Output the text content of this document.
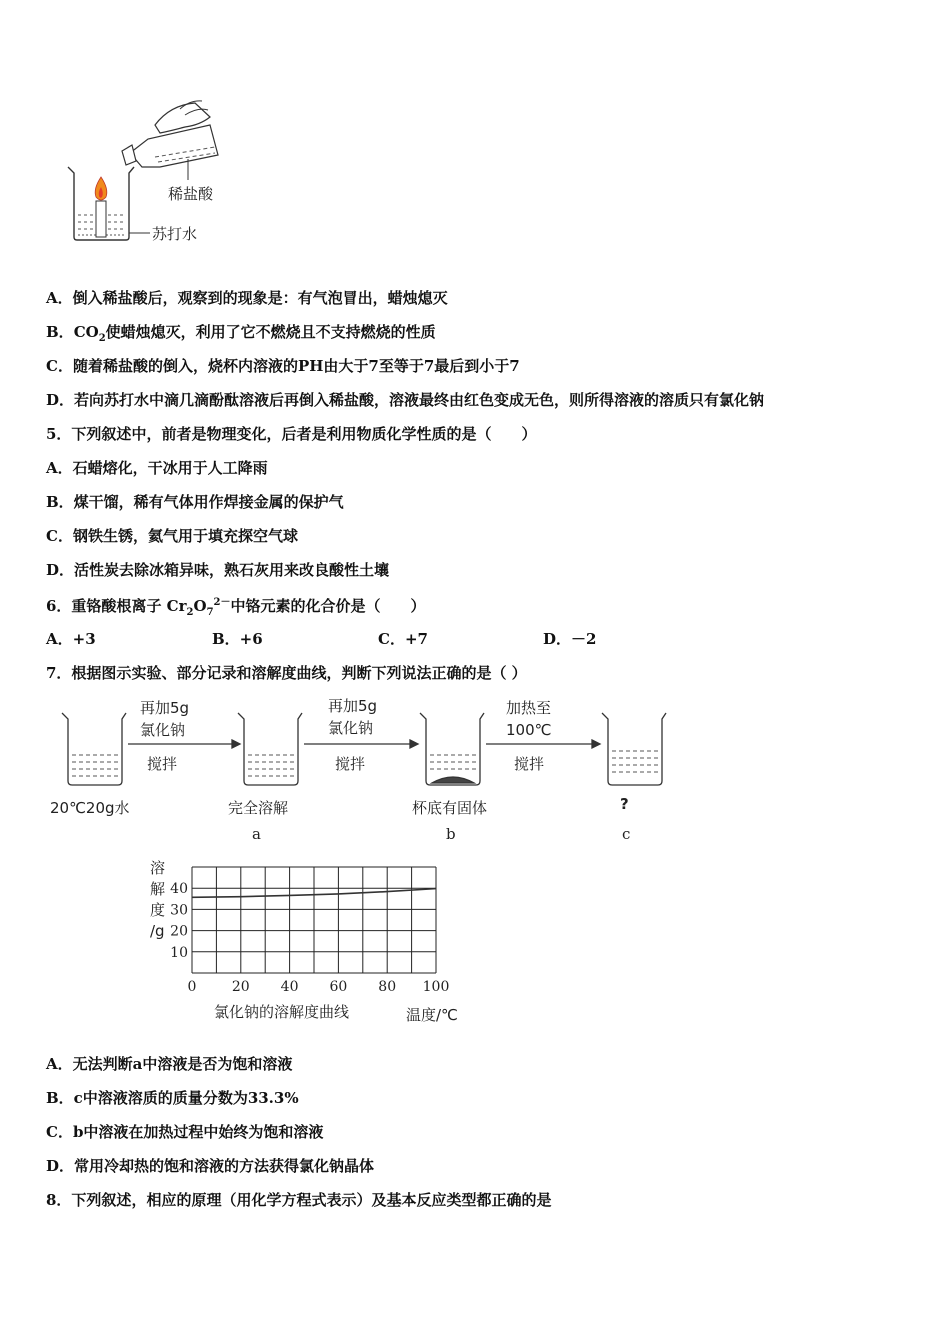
稀盐酸
苏打水
A．倒入稀盐酸后，观察到的现象是：有气泡冒出，蜡烛熄灭
B．$CO_2$使蜡烛熄灭，利用了它不燃烧且不支持燃烧的性质
C．随着稀盐酸的倒入，烧杯内溶液的PH由大于7至等于7最后到小于7
D．若向苏打水中滴几滴酚酞溶液后再倒入稀盐酸，溶液最终由红色变成无色，则所得溶液的溶质只有氯化钠
5．下列叙述中，前者是物理变化，后者是利用物质化学性质的是（　　）
A．石蜡熔化，干冰用于人工降雨
B．煤干馏，稀有气体用作焊接金属的保护气
C．钢铁生锈，氦气用于填充探空气球
D．活性炭去除冰箱异味，熟石灰用来改良酸性土壤
6．重铬酸根离子 $Cr_2O_7^{2-}$中铬元素的化合价是（　　）
A．+3	B．+6	C．+7	D．－2
7．根据图示实验、部分记录和溶解度曲线，判断下列说法正确的是（ ）
再加5g
氯化钠
搅拌
再加5g
氯化钠
搅拌
加热至
100℃
搅拌
20℃20g水	完全溶解
a
杯底有固体
b
?
c
10
20
30
40
0	20 40 60 80 100
溶
解
度
/g
氯化钠的溶解度曲线	温度/℃
A．无法判断a中溶液是否为饱和溶液
B．c中溶液溶质的质量分数为33.3%
C．b中溶液在加热过程中始终为饱和溶液
D．常用冷却热的饱和溶液的方法获得氯化钠晶体
8．下列叙述，相应的原理（用化学方程式表示）及基本反应类型都正确的是
